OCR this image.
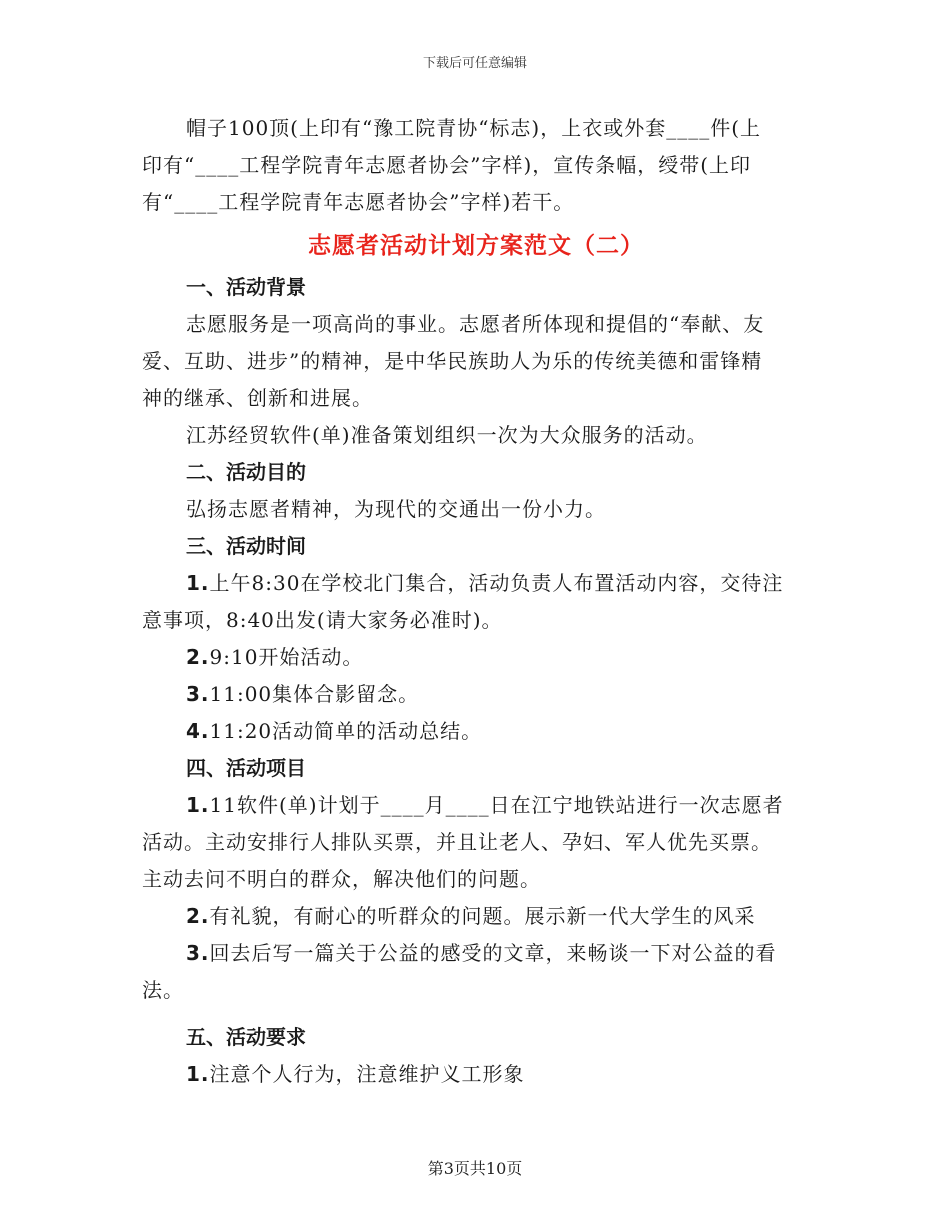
下载后可任意编辑

帽子100顶(上印有“豫工院青协“标志)，上衣或外套____件(上

印有“____工程学院青年志愿者协会”字样)，宣传条幅，绶带(上印

有“____工程学院青年志愿者协会”字样)若干。

志愿者活动计划方案范文（二）

一、活动背景

志愿服务是一项高尚的事业。志愿者所体现和提倡的“奉献、友

爱、互助、进步”的精神，是中华民族助人为乐的传统美德和雷锋精

神的继承、创新和进展。

江苏经贸软件(单)准备策划组织一次为大众服务的活动。

二、活动目的

弘扬志愿者精神，为现代的交通出一份小力。

三、活动时间

1.上午8:30在学校北门集合，活动负责人布置活动内容，交待注

意事项，8:40出发(请大家务必准时)。

2.9:10开始活动。

3.11:00集体合影留念。

4.11:20活动简单的活动总结。

四、活动项目

1.11软件(单)计划于____月____日在江宁地铁站进行一次志愿者

活动。主动安排行人排队买票，并且让老人、孕妇、军人优先买票。

主动去问不明白的群众，解决他们的问题。

2.有礼貌，有耐心的听群众的问题。展示新一代大学生的风采

3.回去后写一篇关于公益的感受的文章，来畅谈一下对公益的看

法。

五、活动要求

1.注意个人行为，注意维护义工形象

第3页共10页
